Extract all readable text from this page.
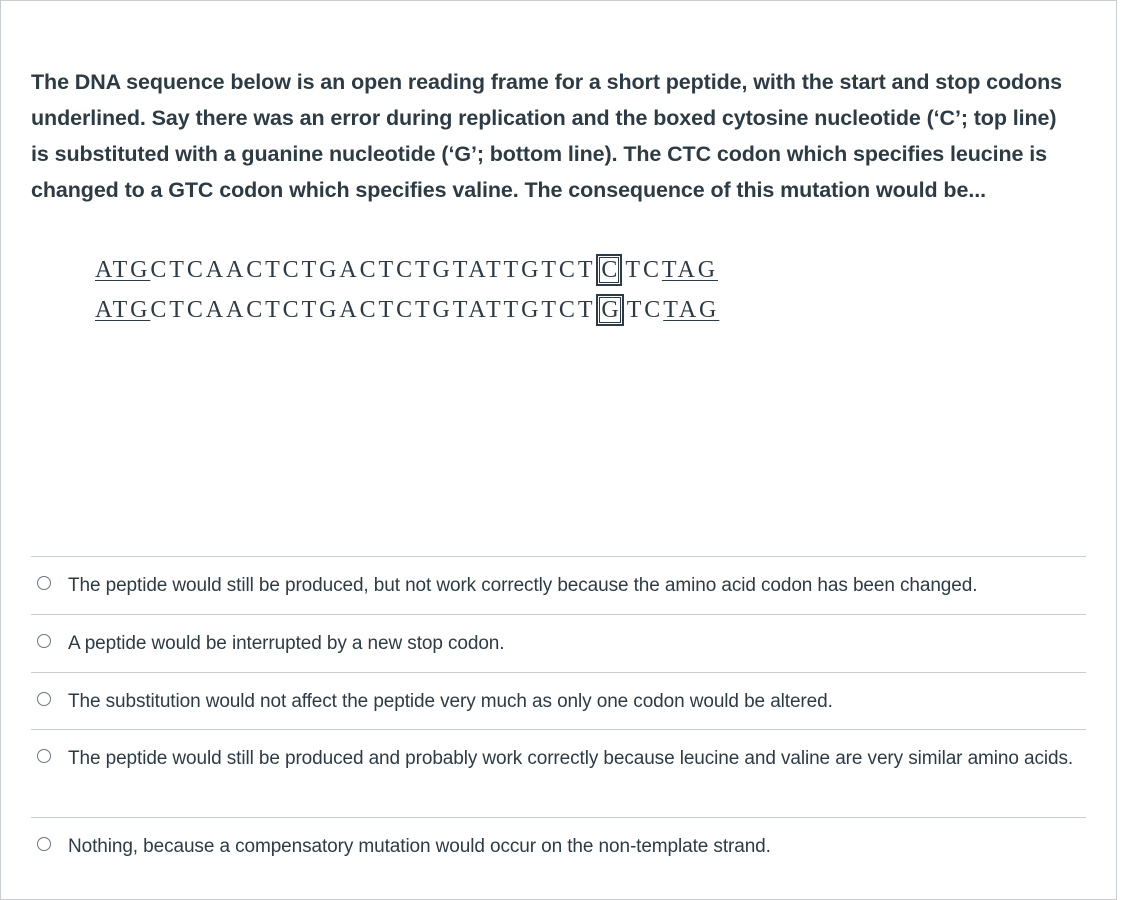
The DNA sequence below is an open reading frame for a short peptide, with the start and stop codons underlined. Say there was an error during replication and the boxed cytosine nucleotide (‘C’; top line) is substituted with a guanine nucleotide (‘G’; bottom line). The CTC codon which specifies leucine is changed to a GTC codon which specifies valine. The consequence of this mutation would be...

ATG CTCAACTCTGACTCTGTATTGTCT C TC TAG
ATG CTCAACTCTGACTCTGTATTGTCT G TC TAG
The peptide would still be produced, but not work correctly because the amino acid codon has been changed.
A peptide would be interrupted by a new stop codon.
The substitution would not affect the peptide very much as only one codon would be altered.
The peptide would still be produced and probably work correctly because leucine and valine are very similar amino acids.
Nothing, because a compensatory mutation would occur on the non-template strand.
